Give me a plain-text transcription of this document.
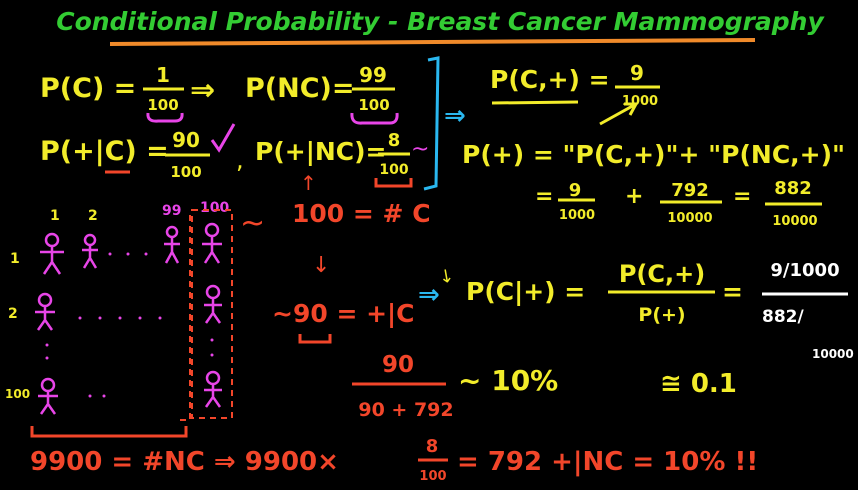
Conditional Probability - Breast Cancer Mammography
P(C) = 1
100 ⇒ P(NC)= 99
100
P(+|C) = 90
100 , P(+|NC)= 8
100
~
⇒
P(C,+) = 9
1000
P(+) = "P(C,+)"+ "P(NC,+)"
= 9
1000
+ 792
10000
= 882
10000
↑
~ 100 = # C
↓
~90 = +|C
↘
⇒ P(C|+) =
P(C,+)
P(+)
=
9/1000
882/
10000
90
90 + 792
~ 10%	≅ 0.1
1 2	99 100
1
2
100
9900 = #NC ⇒ 9900×
8
100 = 792 +|NC = 10% !!
